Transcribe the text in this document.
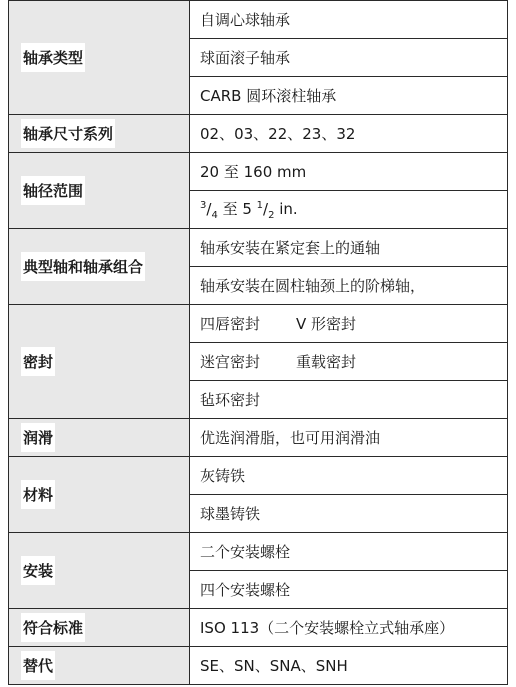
轴承类型	自调心球轴承
	球面滚子轴承
	CARB 圆环滚柱轴承
轴承尺寸系列	02、03、22、23、32
轴径范围	20 至 160 mm
	$^3/_4$ 至 5 $^1/_2$ in.
典型轴和轴承组合	轴承安装在紧定套上的通轴
	轴承安装在圆柱轴颈上的阶梯轴，
密封	四唇密封 V 形密封
	迷宫密封 重载密封
	毡环密封
润滑	优选润滑脂，也可用润滑油
材料	灰铸铁
	球墨铸铁
安装	二个安装螺栓
	四个安装螺栓
符合标准	ISO 113（二个安装螺栓立式轴承座）
替代	SE、SN、SNA、SNH
